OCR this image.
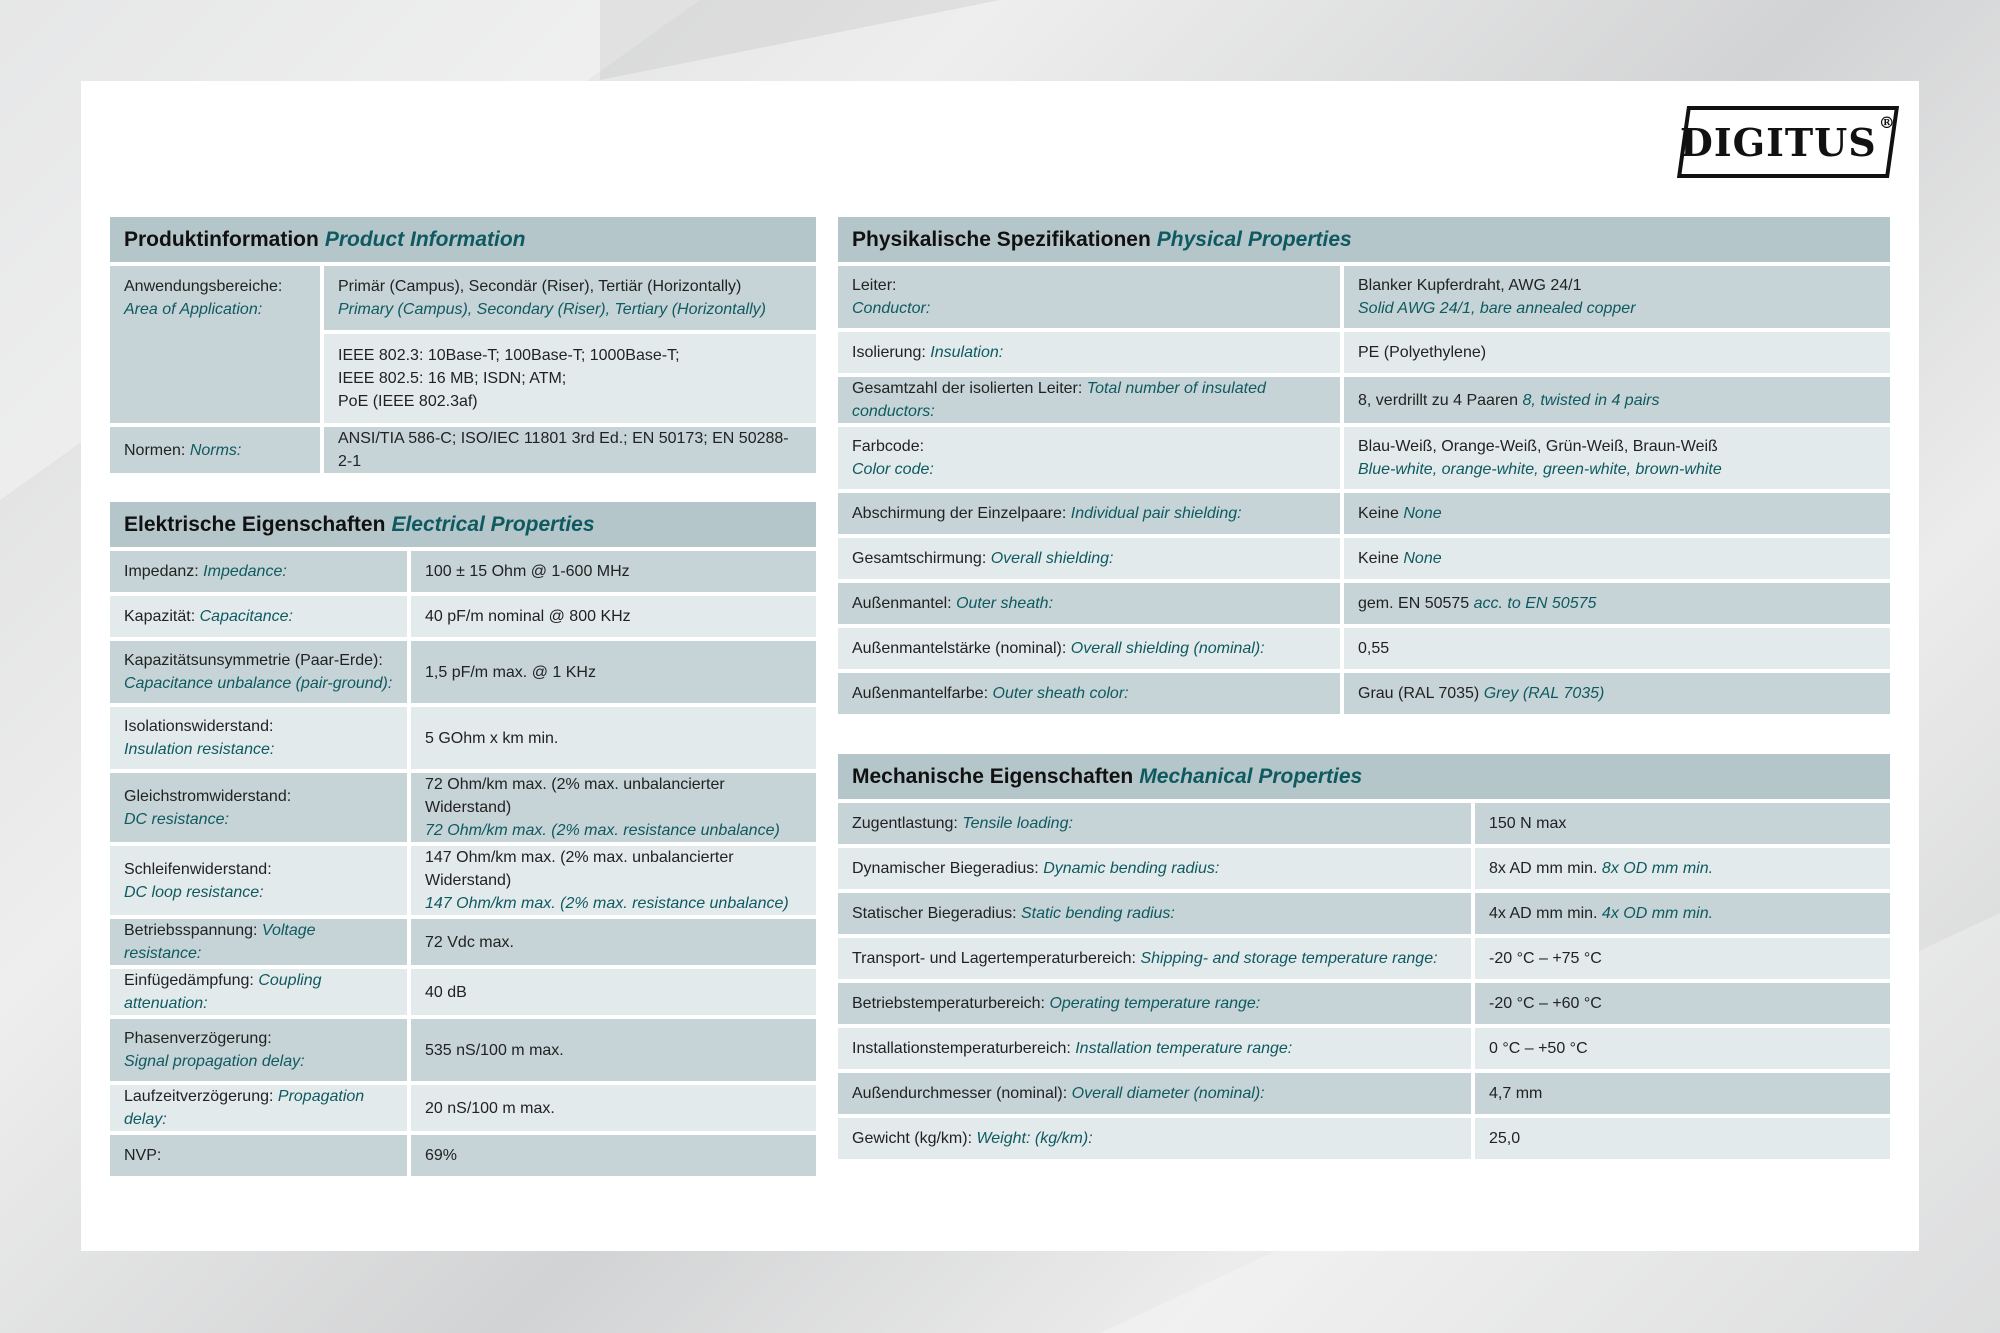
DIGITUS ®
Produktinformation Product Information
Anwendungsbereiche:
Area of Application:	Primär (Campus), Secondär (Riser), Tertiär (Horizontally)
Primary (Campus), Secondary (Riser), Tertiary (Horizontally)

	IEEE 802.3: 10Base-T; 100Base-T; 1000Base-T;
IEEE 802.5: 16 MB; ISDN; ATM;
PoE (IEEE 802.3af)

Normen: Norms:	ANSI/TIA 586-C; ISO/IEC 11801 3rd Ed.; EN 50173; EN 50288-2-1
Elektrische Eigenschaften Electrical Properties
Impedanz: Impedance:	100 ± 15 Ohm @ 1-600 MHz
Kapazität: Capacitance:	40 pF/m nominal @ 800 KHz

Kapazitätsunsymmetrie (Paar-Erde):
Capacitance unbalance (pair-ground):	1,5 pF/m max. @ 1 KHz

Isolationswiderstand:
Insulation resistance:	5 GOhm x km min.

Gleichstromwiderstand:
DC resistance:	72 Ohm/km max. (2% max. unbalancierter Widerstand)
72 Ohm/km max. (2% max. resistance unbalance)

Schleifenwiderstand:
DC loop resistance:	147 Ohm/km max. (2% max. unbalancierter Widerstand)
147 Ohm/km max. (2% max. resistance unbalance)

Betriebsspannung: Voltage resistance:	72 Vdc max.
Einfügedämpfung: Coupling attenuation:	40 dB

Phasenverzögerung:
Signal propagation delay:	535 nS/100 m max.
Laufzeitverzögerung: Propagation delay:	20 nS/100 m max.
NVP:	69%
Physikalische Spezifikationen Physical Properties
Leiter:
Conductor:	Blanker Kupferdraht, AWG 24/1
Solid AWG 24/1, bare annealed copper

Isolierung: Insulation:	PE (Polyethylene)
Gesamtzahl der isolierten Leiter: Total number of insulated conductors:	8, verdrillt zu 4 Paaren 8, twisted in 4 pairs

Farbcode:
Color code:	Blau-Weiß, Orange-Weiß, Grün-Weiß, Braun-Weiß
Blue-white, orange-white, green-white, brown-white

Abschirmung der Einzelpaare: Individual pair shielding:	Keine None
Gesamtschirmung: Overall shielding:	Keine None
Außenmantel: Outer sheath:	gem. EN 50575 acc. to EN 50575
Außenmantelstärke (nominal): Overall shielding (nominal):	0,55
Außenmantelfarbe: Outer sheath color:	Grau (RAL 7035) Grey (RAL 7035)
Mechanische Eigenschaften Mechanical Properties
Zugentlastung: Tensile loading:	150 N max
Dynamischer Biegeradius: Dynamic bending radius:	8x AD mm min. 8x OD mm min.
Statischer Biegeradius: Static bending radius:	4x AD mm min. 4x OD mm min.
Transport- und Lagertemperaturbereich: Shipping- and storage temperature range:	-20 °C – +75 °C
Betriebstemperaturbereich: Operating temperature range:	-20 °C – +60 °C
Installationstemperaturbereich: Installation temperature range:	0 °C – +50 °C
Außendurchmesser (nominal): Overall diameter (nominal):	4,7 mm
Gewicht (kg/km): Weight: (kg/km):	25,0
